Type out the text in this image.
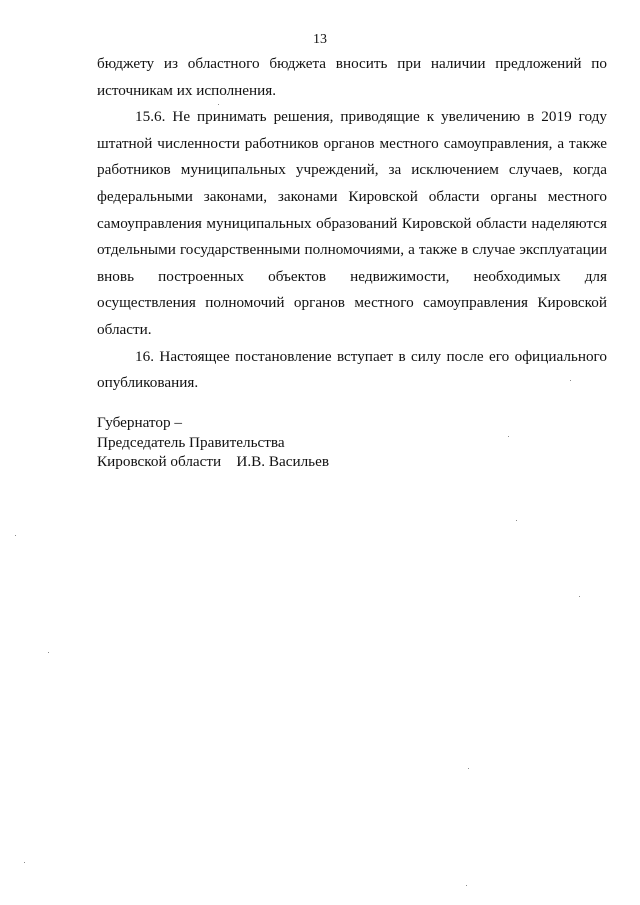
13

бюджету из областного бюджета вносить при наличии предложений по источникам их исполнения.

15.6. Не принимать решения, приводящие к увеличению в 2019 году штатной численности работников органов местного самоуправления, а также работников муниципальных учреждений, за исключением случаев, когда федеральными законами, законами Кировской области органы местного самоуправления муниципальных образований Кировской области наделяются отдельными государственными полномочиями, а также в случае эксплуатации вновь построенных объектов недвижимости, необходимых для осуществления полномочий органов местного самоуправления Кировской области.

16. Настоящее постановление вступает в силу после его официального опубликования.

Губернатор –
Председатель Правительства
Кировской области    И.В. Васильев
